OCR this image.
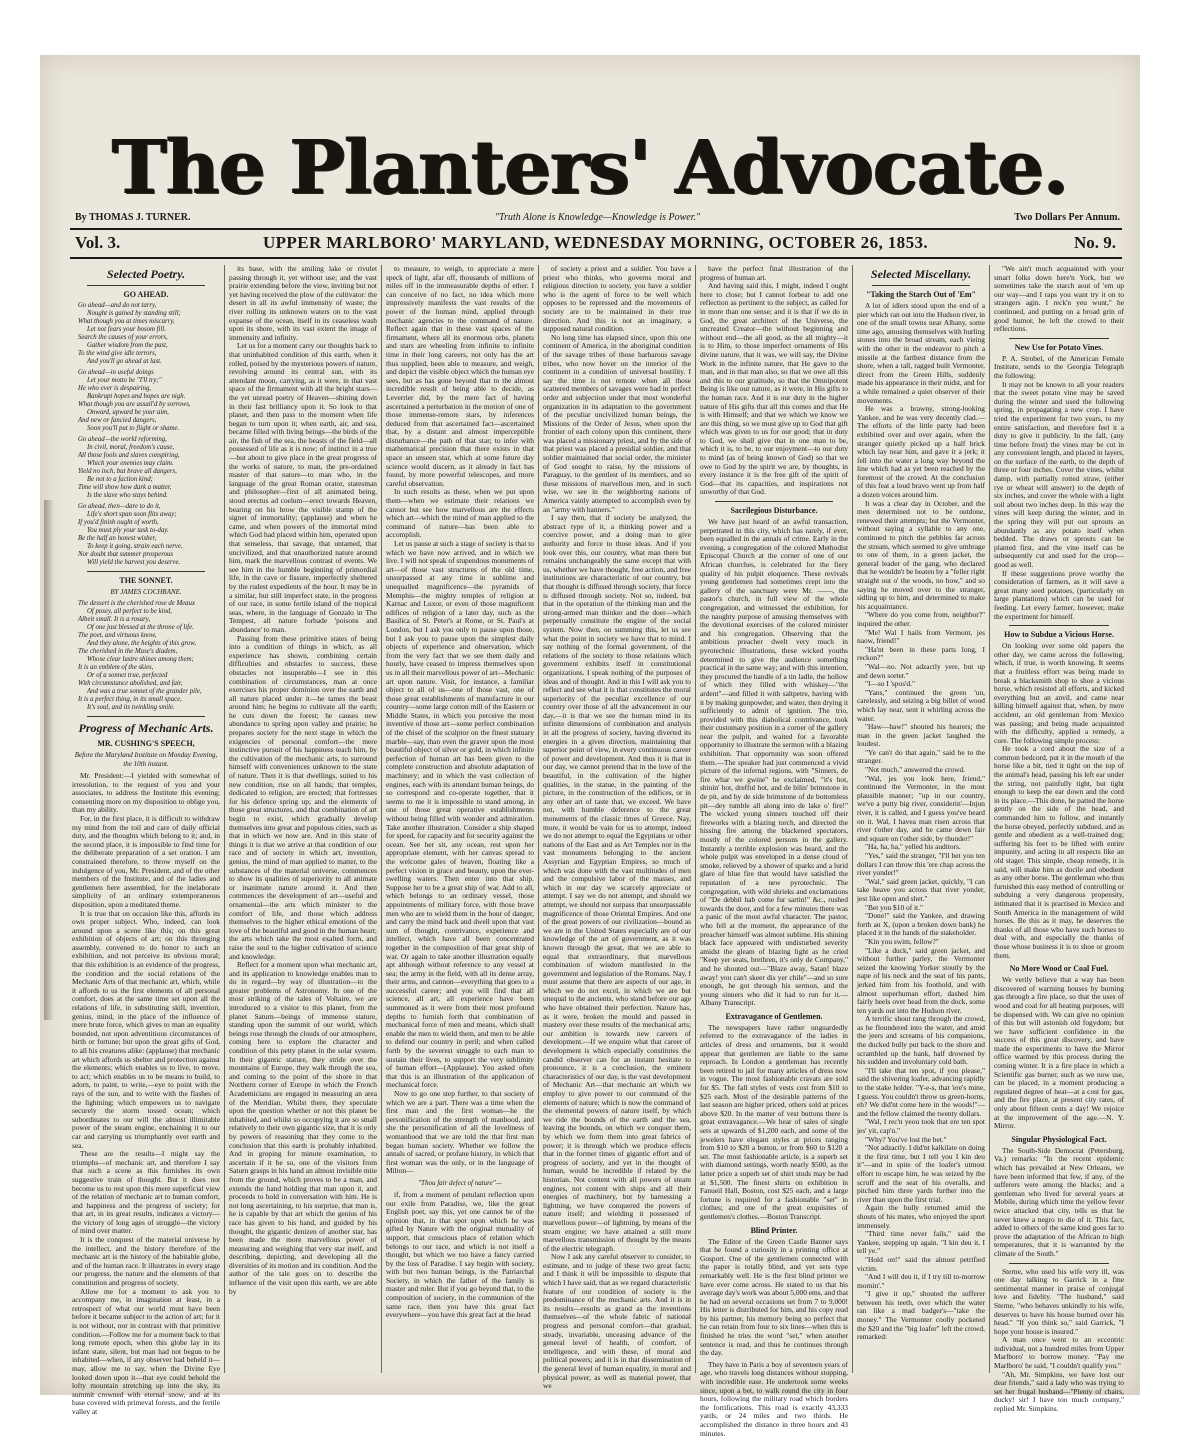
The Planters' Advocate.
By THOMAS J. TURNER.	"Truth Alone is Knowledge—Knowledge is Power."	Two Dollars Per Annum.
Vol. 3.	UPPER MARLBORO' MARYLAND, WEDNESDAY MORNING, OCTOBER 26, 1853.	No. 9.
Selected Poetry.
GO AHEAD.
Go ahead—and do not tarry,
Nought is gained by standing still;
What though you at times miscarry,
Let not fears your bosom fill.
Search the causes of your errors,
Gather wisdom from the past,
To the wind give idle terrors,
And you'll go ahead at last.
Go ahead—in useful doings
Let your motto be "I'll try;"
He who ever is despairing,
Bankrupt hopes and hopes are nigh.
What though you are assail'd by sorrows,
Onward, upward be your aim,
And new or fancied dangers,
Soon you'll put to flight or shame.
Go ahead—the world reforming,
In civil, moral, freedom's cause,
All those fools and slaves conspiring,
Which your enemies may claim.
Yield no inch, but brave all dangers,
Be not to a faction kind;
Time will show how dark a matter,
Is the slave who stays behind.
Go ahead, then—dare to do it,
Life's short span soon flits away;
If you'd finish ought of worth,
You must ply your task to-day.
Be the half an honest wisher,
To keep it going, strain each nerve,
Nor doubt that summer prosperous
Will yield the harvest you deserve.
THE SONNET.
BY JAMES COCHRANE.
The dessert is the cherished rose de Meaux
Of posey, all perfect to be kind,
Albeit small. It is a rosary,
Of one just blessed at the throne of life.
The poet, and virtuous know,
And they alone, the heights of this grow,
The cherished in the Muse's diadem,
Whose clear lustre shines among them;
It is an emblem of the skies,
Or of a sonnet true, perfected
With circumstance abolished, and fair,
And was a true sonnet of the grander pile,
It is a perfect thing, in its small space,
It's soul, and its twinkling smile.
Progress of Mechanic Arts.
MR. CUSHING'S SPEECH,
Before the Maryland Institute on Monday Evening, the 10th instant.

Mr. President:—I yielded with somewhat of irresolution, to the request of you and your associates, to address the Institute this evening; consenting more on my disposition to oblige you, than my ability.

For, in the first place, it is difficult to withdraw my mind from the toil and care of daily official duty, and the thoughts which belong to it; and, in the second place, it is impossible to find time for the deliberate preparation of a set oration. I am constrained therefore, to throw myself on the indulgence of you, Mr. President, and of the other members of the Institute, and of the ladies and gentlemen here assembled, for the inelaborate simplicity of an ordinary extemporaneous disposition, upon a meditated theme.

It is true that on occasion like this, affords its own proper subject. Who, indeed, can look around upon a scene like this; on this great exhibition of objects of art; on this thronging assembly, convened to do honor to such an exhibition, and not perceive its obvious moral; that this exhibition is an evidence of the progress, the condition and the social relations of the Mechanic Arts of that mechanic art, which, while it affords to us the first elements of all personal comfort, does at the same time set upon all the relations of life, in substituting skill, invention, genius, mind, in the place of the influence of mere brute force, which gives to man an equality bounded, not upon adventitious circumstances of birth or fortune; but upon the great gifts of God, to all his creatures alike: (applause) that mechanic art which affords us shelter and protection against the elements; which enables us to live, to move, to act; which enables us to be means to build, to adorn, to paint, to write,—eye to point with the rays of the sun, and to write with the flashes of the lightning; which empowers us to navigate securely the storm tossed ocean; which subordinates to our will the almost illimitable power of the steam engine, enchaining it to our car and carrying us triumphantly over earth and sea.

These are the results—I might say the triumphs—of mechanic art, and therefore I say that such a scene as this furnishes its own suggestive train of thought. But it does not become us to rest upon this mere superficial view of the relation of mechanic art to human comfort, and happiness and the progress of society; for that art, in its great results, indicates a victory—the victory of long ages of struggle—the victory of mind over matter.

It is the conquest of the material universe by the intellect, and the history therefore of the mechanic art is the history of the habitable globe, and of the human race. It illustrates in every stage our progress, the nature and the elements of that constitution and progress of society.

Allow me for a moment to ask you to accompany me, in imagination at least, in a retrospect of what our world must have been before it became subject to the action of art; for it is not without, nor in contrast with that primitive condition.—Follow me for a moment back to that long remote epoch, when this globe lay in its infant state, silent, but man had not begun to be inhabited—when, if any observer had beheld it—may, allow me to say, when the Divine Eye looked down upon it—that eye could behold the lofty mountain stretching up into the sky, its summit crowned with eternal snow, and at its base covered with primeval forests, and the fertile valley at

its base, with the smiling lake or rivulet passing through it, yet without use; and the vast prairie extending before the view, inviting but not yet having received the plow of the cultivator: the desert in all its awful immensity of waste; the river rolling its unknown waters on to the vast expanse of the ocean, itself in its ceaseless wash upon its shore, with its vast extent the image of immensity and infinity.

Let us for a moment carry our thoughts back to that uninhabited condition of this earth, when it rolled, poised by the mysterious powers of nature, revolving around its central sun, with its attendant moon, carrying, as it were, in that vast space of the firmament with all the bright stars—the yet unread poetry of Heaven—shining down in their fast brilliancy upon it. So look to that planet, and then pass to the moment when life began to turn upon it; when earth, air, and sea, became filled with living beings—the birds of the air, the fish of the sea, the beasts of the field—all possessed of life as it is now; of instinct in a true—but about to give place in the great progress of the works of nature, to man, the pre-ordained master of that nature—to man who, in the language of the great Roman orator, statesman and philosopher—first of all animated being, stood erectus ad coelum—erect towards Heaven, bearing on his brow the visible stamp of the signet of immortality; (applause) and when he came, and when powers of the immortal mind which God had placed within him, operated upon that senseless, that savage, that untamed, that uncivilized, and that unauthorized nature around him, mark the marvellous contrast of events. We see him in the humble beginning of primordial life, in the cave or fissure, imperfectly sheltered by the rudest expedients of the hour. It may be in a similar, but still imperfect state, in the progress of our race, in some fertile island of the tropical seas, where, in the language of Gonzalo in The Tempest, all nature forbade 'poisons and abundance' to man.

Passing from these primitive states of being into a condition of things in which, as all experience has shown, combining certain difficulties and obstacles to success, these obstacles not insuperable—I see in this combination of circumstances, man at once exercises his proper dominion over the earth and all nature placed under it—he tames the beast around him; he begins to cultivate all the earth; he cuts down the forest; he causes new abundance to spring upon valley and prairie; he prepares society for the next stage in which the exigencies of personal comfort—the mere instinctive pursuit of his happiness teach him, by the cultivation of the mechanic arts, to surround himself with conveniences unknown to the state of nature. Then it is that dwellings, suited to his new condition, rise on all hands; that temples, dedicated to religion, are erected; that fortresses for his defence spring up; and the elements of those great structures, and that combination of art begin to exist, which gradually develop themselves into great and populous cities, such as that in which we now are. And in this state of things it is that we arrive at that condition of our race and of society in which art, invention, genius, the mind of man applied to matter, to the substances of the material universe, commences to show its qualities of superiority to all animate or inanimate nature around it. And then commences the development of art—useful and ornamental—the arts which minister to the comfort of life, and those which address themselves to the higher ethical emotions of the love of the beautiful and good in the human heart; the arts which take the most exalted form, and raise the soul to the higher cultivation of science and knowledge.

Reflect for a moment upon what mechanic art, and its application to knowledge enables man to do in regard—by way of illustration—to the greater problems of Astronomy. In one of the most striking of the tales of Voltaire, we are introduced to a visitor to this planet, from the planet Saturn—beings of immense stature, standing upon the summit of our world, which beings rose through the clouds of our atmosphere, coming here to explore the character and condition of this petty planet in the solar system. In their gigantic stature, they stride over the mountains of Europe, they walk through the sea, and coming to the point of the shore in that Northern corner of Europe in which the French Academicians are engaged in measuring an area of the Meridian. Whilst there, they speculate upon the question whether or not this planet be inhabited, and whilst so occupying it are so small relatively to their own gigantic size, that it is only by powers of reasoning that they come to the conclusion that this earth is probably inhabited. And in groping for minute examination, to ascertain if it be so, one of the visitors from Saturn grasps in his hand an almost invisible mite from the ground, which proves to be a man, and extends the hand holding that man upon it, and proceeds to hold in conversation with him. He is not long ascertaining, to his surprise, that man is, he is capable by that art which the genius of his race has given to his hand, and guided by his thought, the gigantic denizen of another star, has been made the more marvellous power of measuring and weighing that very star itself, and describing, depicting, and developing all the diversities of its motion and its condition. And the author of the tale goes on to describe the influence of the visit upon this earth, we are able by

to measure, to weigh, to appreciate a mere speck of light, afar off, thousands of millions of miles off in the immeasurable depths of ether. I can conceive of no fact, no idea which more impressively manifests the vast results of the power of the human mind, applied through mechanic agencies to the command of nature. Reflect again that in these vast spaces of the firmament, where all its enormous orbs, planets and stars are wheeling from infinite to infinite time in their long careers, not only has the art thus supplied, been able to measure, and weigh, and depict the visible object which the human eye sees, but as has gone beyond that to the almost incredible result of being able to decide, as Leverrier did, by the mere fact of having ascertained a perturbation in the motion of one of those immense-remote stars, by inferences deduced from that ascertained fact—ascertained that, by a distant and almost imperceptible disturbance—the path of that star; to infer with mathematical precision that there exists in that space an unseen star, which at some future day science would discern, as it already in fact has found, by more powerful telescopes, and more careful observation.

In such results as these, when we put upon them—when we estimate their relations we cannot but see how marvellous are the effects which art—which the mind of man applied to the command of nature—has been able to accomplish.

Let us pause at such a stage of society is that to which we have now arrived, and in which we live. I will not speak of stupendous monuments of art—of those vast structures of the old time, unsurpassed at any time in sublime and unequalled magnificence—the pyramids of Memphis—the mighty temples of religion at Karnac and Luxor, or even of those magnificent edifices of religion of a later day, such as the Basilica of St. Peter's at Rome, or St. Paul's at London, but I ask you only to pause upon those, but I ask you to pause upon the simplest daily objects of experience and observation, which from the very fact that we see them daily and hourly, have ceased to impress themselves upon us in all their marvellous power of art—Mechanic art upon nature. Visit, for instance, a familiar object to all of us—one of those vast, one of those great establishments of manufacture in our country—some large cotton mill of the Eastern or Middle States, in which you perceive the most inventive of those art—some perfect combination of the chisel of the sculptor on the finest statuary marble—say, than even the graver upon the most beautiful object of silver or gold, in which infinite perfection of human art has been given to the complete construction and absolute adaptation of machinery; and in which the vast collection of engines, each with its attendant human beings, do so correspond and co-operate together, that it seems to me it is impossible to stand among, in one of those great operative establishments without being filled with wonder and admiration. Take another illustration. Consider a ship shaped for speed, for capacity and for security against the ocean. See her sit, any ocean, rest upon her appropriate element, with her canvas spread to the welcome gales of heaven, floating like a perfect vision in grace and beauty, upon the ever-swelling waters. Then enter into that ship. Suppose her to be a great ship of war. Add to all, which belongs to an ordinary vessel, those appointments of military force, with those brave men who are to wield them in the hour of danger, and carry the mind back and dwell upon that vast sum of thought, contrivance, experience and intellect, which have all been concentrated together in the composition of that great ship of war. Or again to take another illustration equally apt although without reference to any vessel at sea; the army in the field, with all its dense array, their arms, and cannon—everything that goes to a successful career; and you will find that all science, all art, all experience have been summoned as it were from their most profound depths to furnish forth that combination of mechanical force of men and means, which shall enable the men to wield them, and men to be able to defend our country in peril; and when called forth by the severest struggle to each man to sustain their lives, to support the very sublimity of human effort—(Applause). You asked often that this is an illustration of the application of mechanical force.

Now to go one step further, to that society of which we are a part. There was a time when the first man and the first woman—he the personification of the strength of manhood, and she the personification of all the loveliness of womanhood that we are told the that first man began human society. Whether we follow the annals of sacred, or profane history, in which that first woman was the only, or in the language of Milton—

"Thou fair defect of nature"—

if, from a moment of petulant reflection upon our exile from Paradise, we, like the great English poet, say this, yet one cannot be of the opinion that, in that spot upon which he was gifted by Nature with the original mutuality of support, that conscious place of relation which belongs to our race, and which is not itself a thought, but which we too have a fancy carried by the loss of Paradise. I say begin with society, with but two human beings, is the Patriarchal Society, in which the father of the family is master and ruler. But if you go beyond that, to the composition of society, in the communion of the same race, then you have this great fact everywhere—you have this great fact at the head

of society a priest and a soldier. You have a priest who thinks, who governs moral and religious direction to society, you have a soldier who is the agent of force to be well which opposes to be repressed and the movements of society are to be maintained in their true direction. And this is not an imaginary, a supposed natural condition.

No long time has elapsed since, upon this one continent of America, in the aboriginal condition of the savage tribes of those barbarous savage tribes, who now hover on the interior of the continent in a condition of universal hostility. I say the time is not remote when all those scattered members of savages were had in perfect order and subjection under that most wonderful organization in its adaptation to the government of the peculiar uncivilized human beings, the Missions of the Order of Jesus, when upon the frontier of each colony upon this continent, there was placed a missionary priest, and by the side of that priest was placed a presidial soldier, and that soldier maintained that social order, the minister of God sought to raise, by the missions of Paraguay, to the gentlest of its members, and so these missions of marvellous men, and in such wise, we see in the neighboring nations of America vainly attempted to accomplish even by an "army with banners."

I say then, that if society be analyzed, the abstract type of it, a thinking power and a coercive power, and a doing man to give authority and force to those ideas. And if you look over this, our country, what man there but remains unchangeably the same except that with us, whether we have thought, free action, and free institutions are characteristic of our country, but that thought is diffused through society, that force is diffused through society. Not so, indeed, but that in the operation of the thinking man and the strong-armed man thinker and the doer—which perpetually constitute the engine of the social system. Now then, on summing this, let us see what the point in society we have that to mind. I say nothing of the formal government, of the relations of the society to those relations which government exhibits itself in constitutional organizations. I speak nothing of the purposes of ideas and of thought. And in this I will ask you to reflect and see what it is that constitutes the moral superiority of the peculiar excellence of our country over those of all the advancement in our day,—it is that we see the human mind in its infinite dimensions of combination and analysis in all the progress of society, having diverted its energies in a given direction, maintaining that superior point of view, in every continuous career of power and development. And thus it is that in our day, we cannot pretend that in the love of the beautiful, in the cultivation of the higher qualities, in the statue, in the painting of the picture, in the construction of the edifices, or in any other art of taste that, we exceed. We have not, with humble deference to the great monuments of the classic times of Greece. Nay, more, it would be vain for us to attempt, indeed we do not attempt to equal the Egyptians or other nations of the East and as Art Temples nor in the vast monuments belonging to the ancient Assyrian and Egyptian Empires, so much of which was done with the vast multitudes of men and the compulsive labor of the masses, and which in our day we scarcely appreciate or attempt. I say we do not attempt, and should we attempt, we should not surpass that unsurpassable magnificence of those Oriental Empires. And one of the great powers of our civilization—bound as we are in the United States especially are of our knowledge of the art of government, as it was known through the great, that we are able to equal that extraordinary, that marvellous combination of wisdom manifested in the government and legislation of the Romans. Nay, I must assume that there are aspects of our age, in which we do not excel, in which we are but unequal to the ancients, who stand before our age who have obtained their perfection. Nature has, as it were, broken the mould and passed in mastery over these results of the mechanical arts; our ambition is towards new careers of development.—If we enquire what that career of development is which especially constitutes the candid observer can for an instant hesitate to pronounce, it is a conclusion, the eminent characteristics of our day, is the vast development of Mechanic Art—that mechanic art which we employ to give power to our command of the elements of nature; which is now the command of the elemental powers of nature itself, by which we ride the bounds of the earth and the sea, leaving the bounds, on which we conquer them, by which we form them into great fabrics of power; it is through which we produce effects that in the former times of gigantic effort and of progress of society, and yet in the thought of human, would be incredible if related by the historian. Not content with all powers of steam engines, not content with ships and all their energies of machinery, but by harnessing a lightning, we have conquered the powers of nature itself; and wielding it possessed of marvellous power—of lightning, by means of the steam engine; we have attained a still more marvellous transmission of thought by the means of the electric telegraph.

Now I ask any careful observer to consider, to estimate, and to judge of these two great facts; and I think it will be impossible to dispute that which I have said, that as we regard characteristic feature of our condition of society is the predominance of the mechanic arts. And it is in its results—results as grand as the inventions themselves—of the whole fabric of national progress and personal comfort—that gradual, steady, invariable, unceasing advance of the general level of health, of comfort, of intelligence, and with these, of moral and political powers; and it is in that dissemination of the general level of human equality, in moral and physical power, as well as material power, that we

have the perfect final illustration of the progress of human art.

And having said this, I might, indeed I ought here to close; but I cannot forbear to add one reflection as pertinent to the subject, as called for in more than one sense; and it is that if we do in God, the great architect of the Universe, the uncreated Creator—the without beginning and without end—the all good, as the all mighty—it is to Him, to those imperfect ornaments of His divine nature, that it was, we will say, the Divine Work in the infinite nature, that He gave to the man, and in that man also, so that we owe all this and this to our gratitude, so that the Omnipotent Being is like our nature, as it were, in His gifts to the human race. And it is our duty in the higher nature of His gifts that all this comes and that He is with Himself; and that we which we know we are this thing, so we must give up to God that gift which was given to us for our good; that in duty to God, we shall give that in one man to be, which it is, to be, to our enjoyment—to our duty to mind (as of being known of God) so that we owe to God by the spirit we are, by thoughts, in every instance it is the free gift of the spirit of God—that its capacities, and inspirations not unworthy of that God.

Sacrilegious Disturbance.

We have just heard of an awful transaction, perpetrated in this city, which has rarely, if ever, been equalled in the annals of crime. Early in the evening, a congregation of the colored Methodist Episcopal Church at the corner of one of our African churches, is celebrated for the fiery quality of his pulpit eloquence. These revivals young gentlemen had sometimes crept into the gallery of the sanctuary were Mr. ——, the pastor's church, in full view of the whole congregation, and witnessed the exhibition, for the naughty purpose of amusing themselves with the devotional exercises of the colored minister and his congregation. Observing that the ambitious preacher dwelt very much in pyrotechnic illustrations, these wicked youths determined to give the audience something practical in the same way; and with this intention, they procured the handle of a tin ladle, the hollow of which they filled with whiskey—"the ardent"—and filled it with saltpetre, having with it by making gunpowder, and water, then drying it sufficiently to admit of ignition. The trio, provided with this diabolical contrivance, took their customary position in a corner of the gallery near the pulpit, and waited for a favorable opportunity to illustrate the sermon with a blazing exhibition. That opportunity was soon offered them.—The speaker had just commenced a vivid picture of the infernal regions, with "Sinners, de fire whar we gwine" he exclaimed, "it's hot, shinin' hot, drefful hot, and de bilin' brimstone in de pit, and by de side brimstone of de bottomless pit—dey tumble all along into de lake o' fire!" The wicked young sinners touched off their fireworks with a blazing torch, and directed the hissing fire among the blackened spectators, mostly of the colored persons in the gallery. Instantly a terrible explosion was heard, and the whole pulpit was enveloped in a dense cloud of smoke, relieved by a shower of sparks and a lurid glare of blue fire that would have satisfied the reputation of a new pyrotechnic. The congregation, with wild shrieks and exclamations of "De debbil hab come fur sartin!" &c., rushed towards the door, and for a few minutes there was a panic of the most awful character. The pastor, who fell at the moment, the appearance of the preacher himself was almost sublime. His shining black face appeared with undisturbed severity amidst the gleam of blazing light as he cried "Keep yer seats, brethren, it's only de Company," and he shouted out—"Blaze away, Satan! blaze away! you can't skeer dis yer chile"—and so sure enough, he got through his sermon, and the young sinners who did it had to run for it.—Albany Transcript.

Extravagance of Gentlemen.

The newspapers have rather unguardedly referred to the extravagance of the ladies in articles of dress and ornaments, but it would appear that gentlemen are liable to the same reproach. In London a gentleman has recently been retired to jail for many articles of dress now in vogue. The most fashionable cravats are sold for $5. The fall styles of vests cost from $10 to $25 each. Most of the desirable patterns of the last season are higher priced, others sold at prices above $20. In the matter of vest buttons there is great extravagance.—We hear of sales of single sets at upwards of $1,200 each, and some of the jewelers have elegant styles at prices ranging from $10 to $20 a button, or from $60 to $120 a set. The most fashionable article, is a superb set with diamond settings, worth nearly $500, as the latter price a superb set of shirt studs may be had at $1,500. The finest shirts on exhibition in Fanueil Hall, Boston, cost $25 each, and a large fortune is required for a fashionable "set" in clothes; and one of the great exquisites of gentlemen's clothes.—Boston Transcript.

Blind Printer.

The Editor of the Green Castle Banner says that he found a curiosity in a printing office at Gosport. One of the gentlemen connected with the paper is totally blind, and yet sets type remarkably well. He is the first blind printer we have ever come across. He stated to us that his average day's work was about 5,000 ems, and that he had on several occasions set from 7 to 9,000! His letter is distributed for him, and his copy read by his partner, his memory being so perfect that he can retain from four to six lines—when this is finished he tries the word "set," when another sentence is read, and thus he continues through the day.

They have in Paris a boy of seventeen years of age, who travels long distances without stopping, with incredible ease. He undertook some weeks since, upon a bet, to walk round the city in four hours, following the military road which borders the fortifications. This road is exactly 43,333 yards, or 24 miles and two thirds. He accomplished the distance in three hours and 43 minutes.

Selected Miscellany.
"Taking the Starch Out of 'Em"

A lot of idlers stood upon the end of a pier which ran out into the Hudson river, in one of the small towns near Albany, some time ago, amusing themselves with hurling stones into the broad stream, each vieing with the other in the endeavor to pitch a missile at the farthest distance from the shore, when a tall, ragged built Vermonter, direct from the Green Hills, suddenly made his appearance in their midst, and for a while remained a quiet observer of their movements.

He was a brawny, strong-looking Yankee, and he was very decently clad.—The efforts of the little party had been exhibited over and over again, when the stranger quietly picked up a half brick which lay near him, and gave it a jerk; it fell into the water a long way beyond the line which had as yet been reached by the foremost of the crowd. At the conclusion of this feat a loud bravo went up from half a dozen voices around him.

It was a clear day in October, and the men determined not to be outdone, renewed their attempts; but the Vermonter, without saying a syllable to any one, continued to pitch the pebbles far across the stream, which seemed to give umbrage to one of them, in a green jacket, the general leader of the gang, who declared that he wouldn't be beaten by a "feller right straight out o' the woods, no how," and so saying he moved over to the stranger, sidling up to him, and determined to make his acquaintance.

"Where do you come from, neighbor?" inquired the other.

"Me! Wal I hails from Vermont, jes naow, friend!"

"Ha'nt been in these parts long, I reckon?"

"Wal—no. Not adzactly yere, but up and dewn sorter."

"I—so I 'spos'd."

"Yans," continued the green 'un, carelessly, and seizing a big billet of wood which lay near, sent it whirling across the water.

"Haw—haw!" shouted his hearers; the man in the green jacket laughed the loudest.

"Ye can't do that again," said he to the stranger.

"Not much," answered the crowd.

"Wal, jes you look here, friend," continued the Vermonter, in the most plausible manner; "up in our country, we've a putty big river, considerin'—Injun river, it is called, and I guess you've heard on it. Wal, I havea man risen across that river t'other day, and he came dewn fair and square on t'other side, by thunder!"

"Ha, ha, ha," yelled his auditors.

"Yes," said the stranger, "I'll bet you ten dollars I can throw this 'ere chap across the river yonder!"

"Wal," said green jacket, quickly, "I can take heave you across that river yonder, jest like open and shet."

"Bet you $10 of it."

"Done!" said the Yankee, and drawing forth an X, (upon a broken down bank) he placed it in the hands of the stakeholder.

"Kin you swim, fellow?"

"Like a duck," said green jacket, and without further parley, the Vermonter seized the knowing Yorker stoutly by the nape of his neck and the seat of his pants, jerked him from his foothold, and with almost superhuman effort, dashed him fairly heels over head from the dock, some ten yards out into the Hudson river.

A terrific shout rang through the crowd, as he floundered into the water, and amid the jeers and screams of his companions, the ducked bully put back to the shore and scrambled up the bank, half drowned by his sudden and involuntary cold bath.

"I'll take that ten spot, if you please," said the shivering loafer, advancing rapidly to the stake holder. "Y-e-s, that 'ere's mine, I guess. You couldn't throw us green-horns, eh? We did'nt come here in the woods!"—and the fellow claimed the twenty dollars.

"Wal, I rec'n yeou took that ere ten spot jes' yit, cap'n."

"Why? You've lost the bet."

"Not adzactly. I did'nt kalkilate on doing it the first time, but I tell you I kin deu it"—and in spite of the loafer's utmost effort to escape him, he was seized by the scruff and the seat of his overalls, and pitched him three yards further into the river than upon the first trial.

Again the bully returned amid the shouts of his mates, who enjoyed the sport immensely.

"Third time never fails," said the Yankee, stepping up again. "I kin deu it, I tell ye."

"Hold on!" said the almost petrified victim.

"And I will deu it, if I try till to-morrow mornin'."

"I give it up," shouted the sufferer between his teeth, over which the water ran like a mad badger's—"take the money." The Vermonter coolly pocketed the $20 and the "big loafer" left the crowd, remarked:

"We ain't much acquainted with your smart folks down here'n York, but we sometimes take the starch aout of 'em up our way—and I raps you want try it on to strangers agin. I reck'n yeu wunt," he continued, and putting on a broad grin of good humor, he left the crowd to their reflections.

New Use for Potato Vines.

P. A. Strobel, of the American Female Institute, sends to the Georgia Telegraph the following:

It may not be known to all your readers that the sweet potato vine may be saved during the winter and used the following spring, in propagating a new crop. I have tried the experiment for two years, to my entire satisfaction, and therefore feel it a duty to give it publicity. In the fall, (any time before frost) the vines may be cut in any convenient length, and placed in layers, on the surface of the earth, to the depth of three or four inches. Cover the vines, whilst damp, with partially rotted straw, (either rye or wheat will answer) to the depth of six inches, and cover the whole with a light soil about two inches deep. In this way the vines will keep during the winter, and in the spring they will put out sprouts as abundantly as any potato itself when bedded. The draws or sprouts can be planted first, and the vine itself can be subsequently cut and used for the crop—good as well.

If these suggestions prove worthy the consideration of farmers, as it will save a great many seed potatoes, (particularly on large plantations) which can be used for feeding. Let every farmer, however, make the experiment for himself.

How to Subdue a Vicious Horse.

On looking over some old papers the other day, we came across the following, which, if true, is worth knowing. It seems that a fruitless effort was being made to break a blacksmith shop to shoe a vicious horse, which resisted all efforts, and kicked everything but an anvil, and came near killing himself against that, when, by mere accident, an old gentleman from Mexico was passing; and being made acquainted with the difficulty, applied a remedy, a cure. The following simple process:

He took a cord about the size of a common bedcord, put it in the mouth of the horse like a bit, tied it tight on the top of the animal's head, passing his left ear under the string, not painfully tight, but tight enough to keep the ear down and the cord in its place.—This done, he patted the horse gently on the side of the head, and commanded him to follow, and instantly the horse obeyed, perfectly subdued, and as gentle and obedient as a well-trained dog; suffering his feet to be lifted with entire impunity, and acting in all respects like an old stager. This simple, cheap remedy, it is said, will make him as docile and obedient as any other horse. The gentleman who thus furnished this easy method of controlling or subduing a very dangerous propensity, intimated that it is practised in Mexico and South America in the management of wild horses. Be this as it may, he deserves the thanks of all those who have such horses to deal with, and especially the thanks of those whose business it is to shoe or groom them.

No More Wood or Coal Fuel.

We verily believe that a way has been discovered of warming houses by burning gas through a fire place, so that the uses of wood and coal for all heating purposes, will be dispensed with. We can give no opinion of this but will astonish old fogydom; but we have sufficient confidence in the success of this great discovery, and have made the experiments to have the Mirror office warmed by this process during the coming winter. It is a fire place in which a Scientific gas burner, such as we now use, can be placed, in a moment producing a regulated degree of heat—at a cost for gas, and the fire place, at present city rates, of only about fifteen cents a day! We rejoice at the improvement of the age.—N. Y. Mirror.

Singular Physiological Fact.

The South-Side Democrat (Petersburg, Va.) remarks: "In the recent epidemic which has prevailed at New Orleans, we have been informed that few, if any, of the sufferers were among the blacks; and a gentleman who lived for several years at Mobile, during which time the yellow fever twice attacked that city, tells us that he never knew a negro to die of it. This fact, added to others of the same kind goes far to prove the adaptation of the African to high temperatures, that it is warranted by the climate of the South."

Sterne, who used his wife very ill, was one day talking to Garrick in a fine sentimental manner in praise of conjugal love and fidelity. "The husband," said Sterne, "who behaves unkindly to his wife, deserves to have his house burned over his head." "If you think so," said Garrick, "I hope your house is insured."

A man once went to an eccentric individual, not a hundred miles from Upper Marlboro' to borrow money. "Pay me Marlboro' he said, "I couldn't qualify you."

"Ah, Mr. Simpkins, we have lost our dear friends," said a lady who was trying to set her frugal husband—"Plenty of chairs, ducky! sir! I have too much company," replied Mr. Simpkins.
